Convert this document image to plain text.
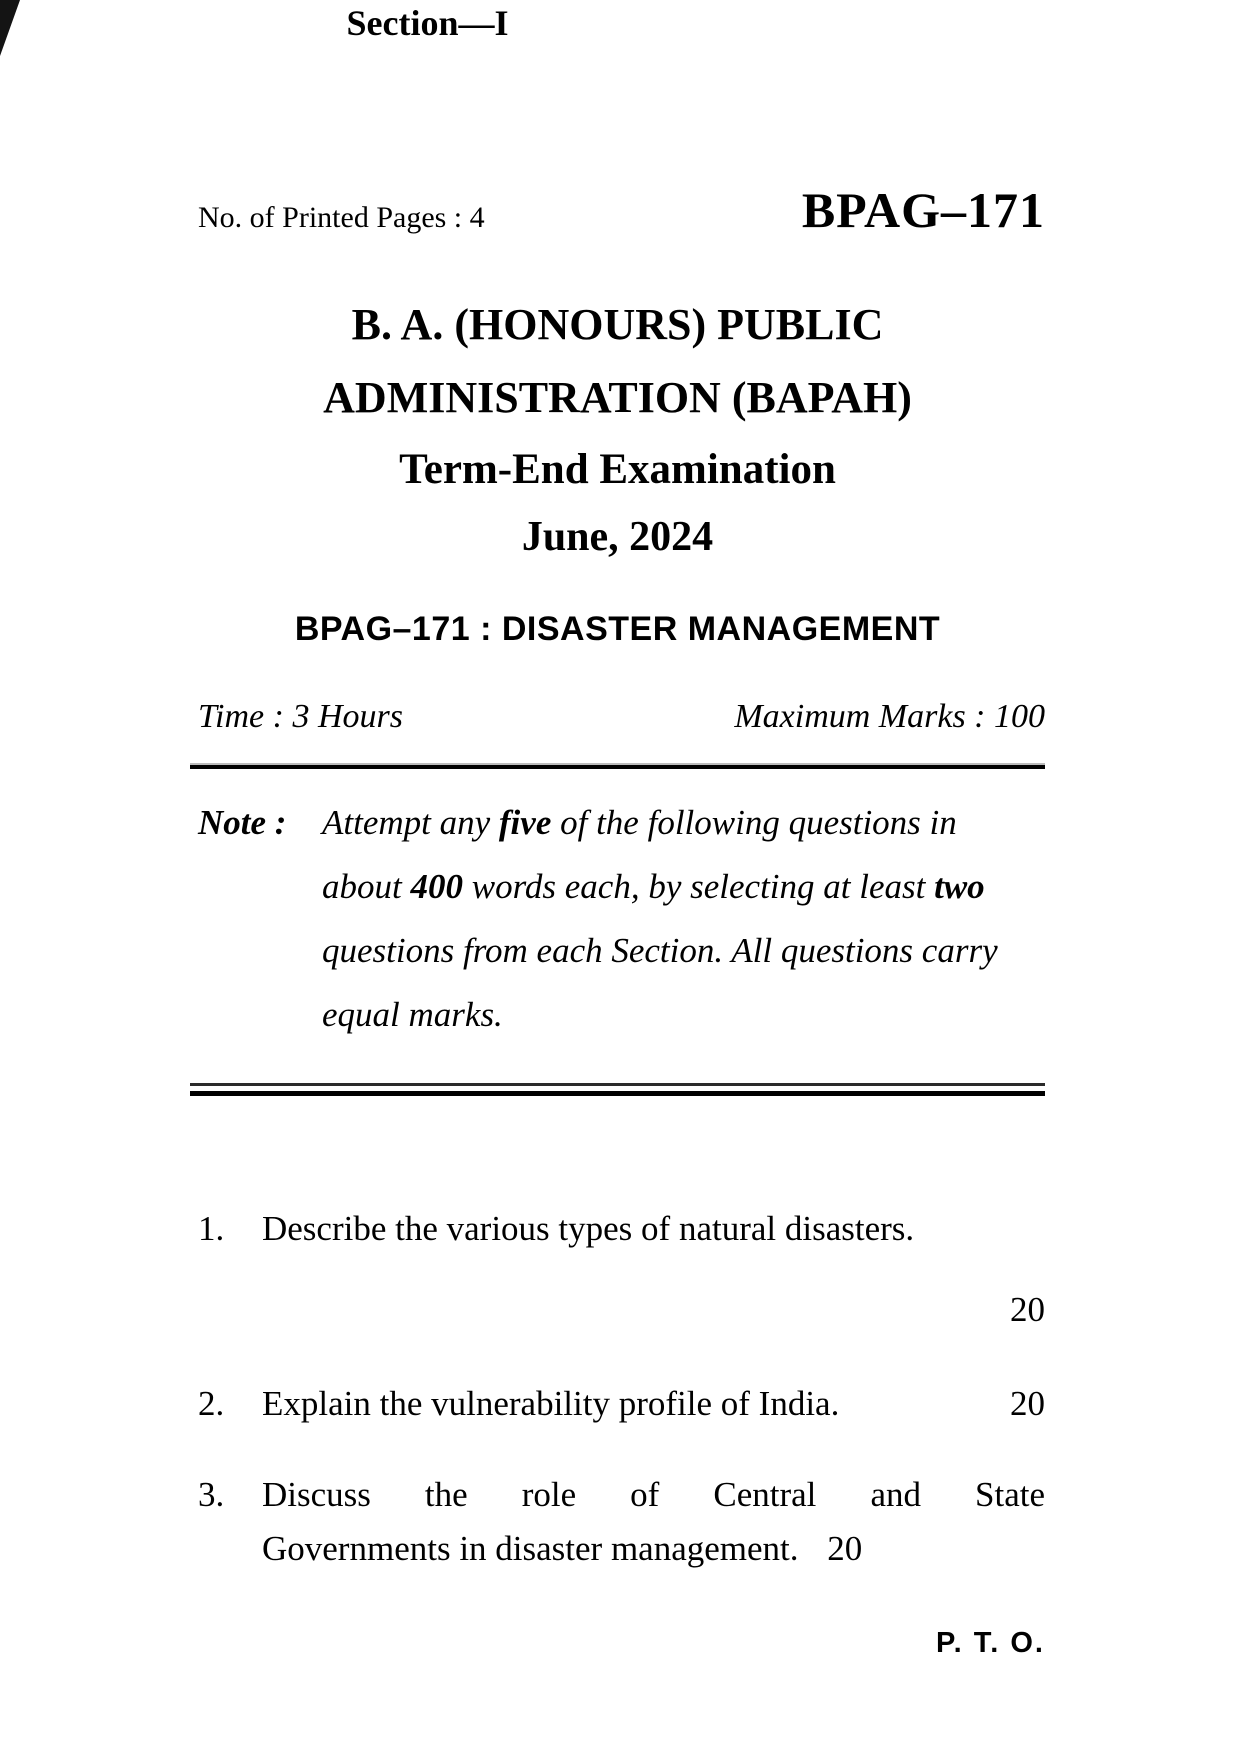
No. of Printed Pages : 4	BPAG–171
B. A. (HONOURS) PUBLIC
ADMINISTRATION (BAPAH)
Term-End Examination
June, 2024
BPAG–171 : DISASTER MANAGEMENT
Time : 3 Hours	Maximum Marks : 100
Note :	Attempt any five of the following questions in about 400 words each, by selecting at least two questions from each Section. All questions carry equal marks.
Section—I
1.	Describe the various types of natural disasters.
20
2.	Explain the vulnerability profile of India.	20
3.	Discuss the role of Central and State
Governments in disaster management. 20
P. T. O.
